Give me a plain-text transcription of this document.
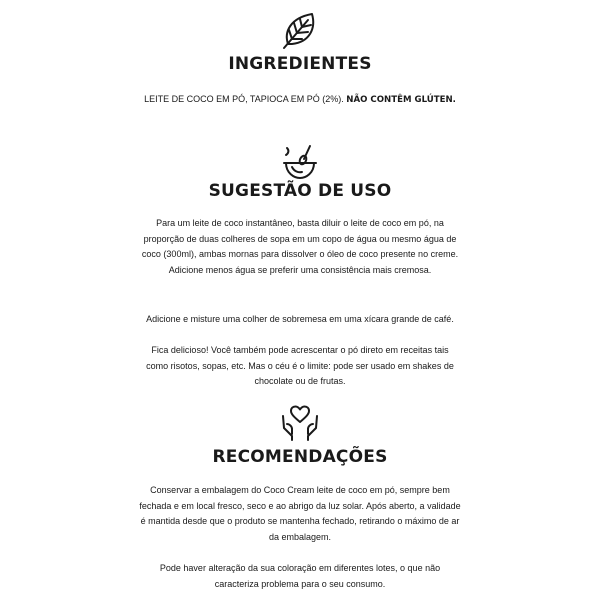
INGREDIENTES

LEITE DE COCO EM PÓ, TAPIOCA EM PÓ (2%). NÃO CONTÊM GLÚTEN.

SUGESTÃO DE USO

Para um leite de coco instantâneo, basta diluir o leite de coco em pó, na proporção de duas colheres de sopa em um copo de água ou mesmo água de coco (300ml), ambas mornas para dissolver o óleo de coco presente no creme. Adicione menos água se preferir uma consistência mais cremosa.

Adicione e misture uma colher de sobremesa em uma xícara grande de café.

Fica delicioso! Você também pode acrescentar o pó direto em receitas tais como risotos, sopas, etc. Mas o céu é o limite: pode ser usado em shakes de chocolate ou de frutas.

RECOMENDAÇÕES

Conservar a embalagem do Coco Cream leite de coco em pó, sempre bem fechada e em local fresco, seco e ao abrigo da luz solar. Após aberto, a validade é mantida desde que o produto se mantenha fechado, retirando o máximo de ar da embalagem.

Pode haver alteração da sua coloração em diferentes lotes, o que não caracteriza problema para o seu consumo.
